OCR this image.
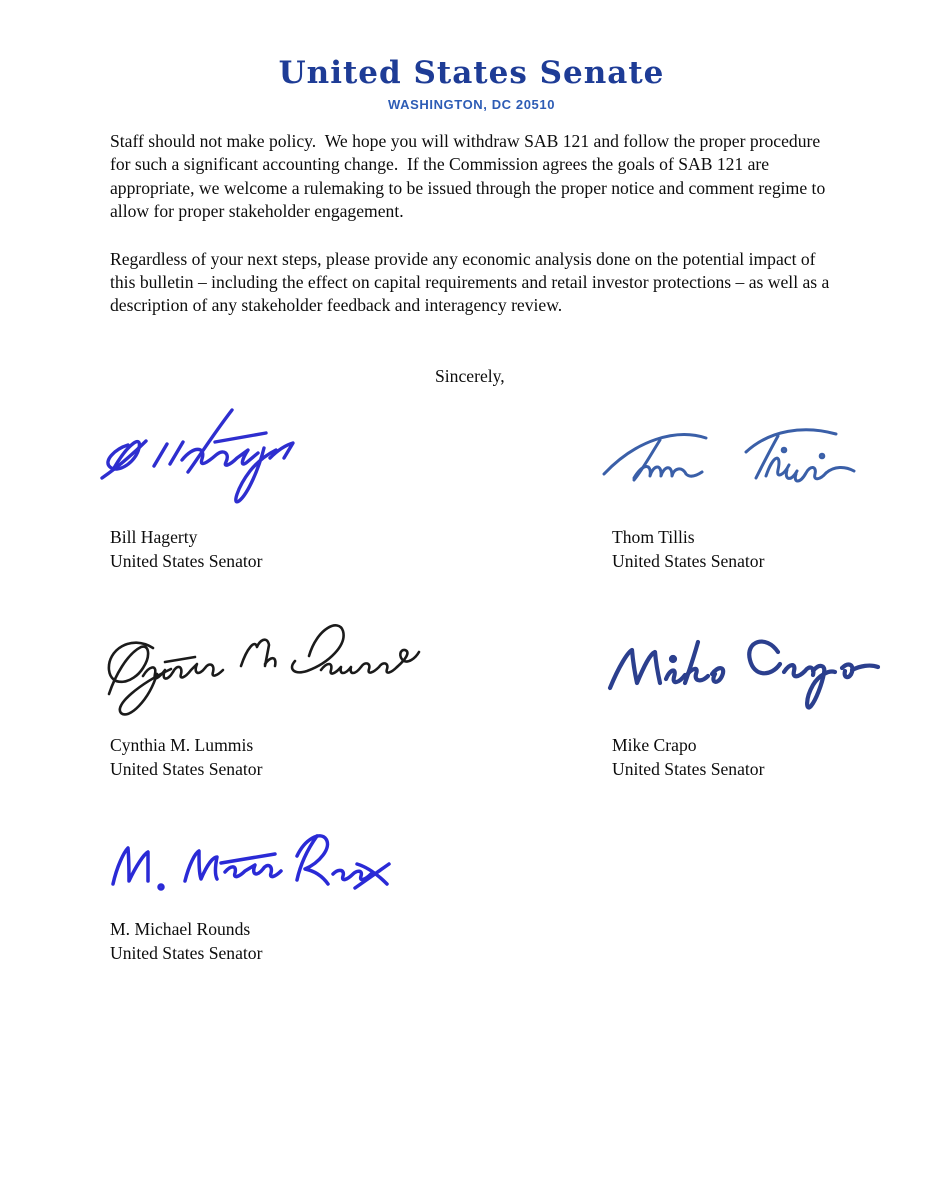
United States Senate
WASHINGTON, DC 20510

Staff should not make policy.  We hope you will withdraw SAB 121 and follow the proper procedure for such a significant accounting change.  If the Commission agrees the goals of SAB 121 are appropriate, we welcome a rulemaking to be issued through the proper notice and comment regime to allow for proper stakeholder engagement.

Regardless of your next steps, please provide any economic analysis done on the potential impact of this bulletin – including the effect on capital requirements and retail investor protections – as well as a description of any stakeholder feedback and interagency review.

Sincerely,
Bill Hagerty
United States Senator
Thom Tillis
United States Senator
Cynthia M. Lummis
United States Senator
Mike Crapo
United States Senator
M. Michael Rounds
United States Senator
